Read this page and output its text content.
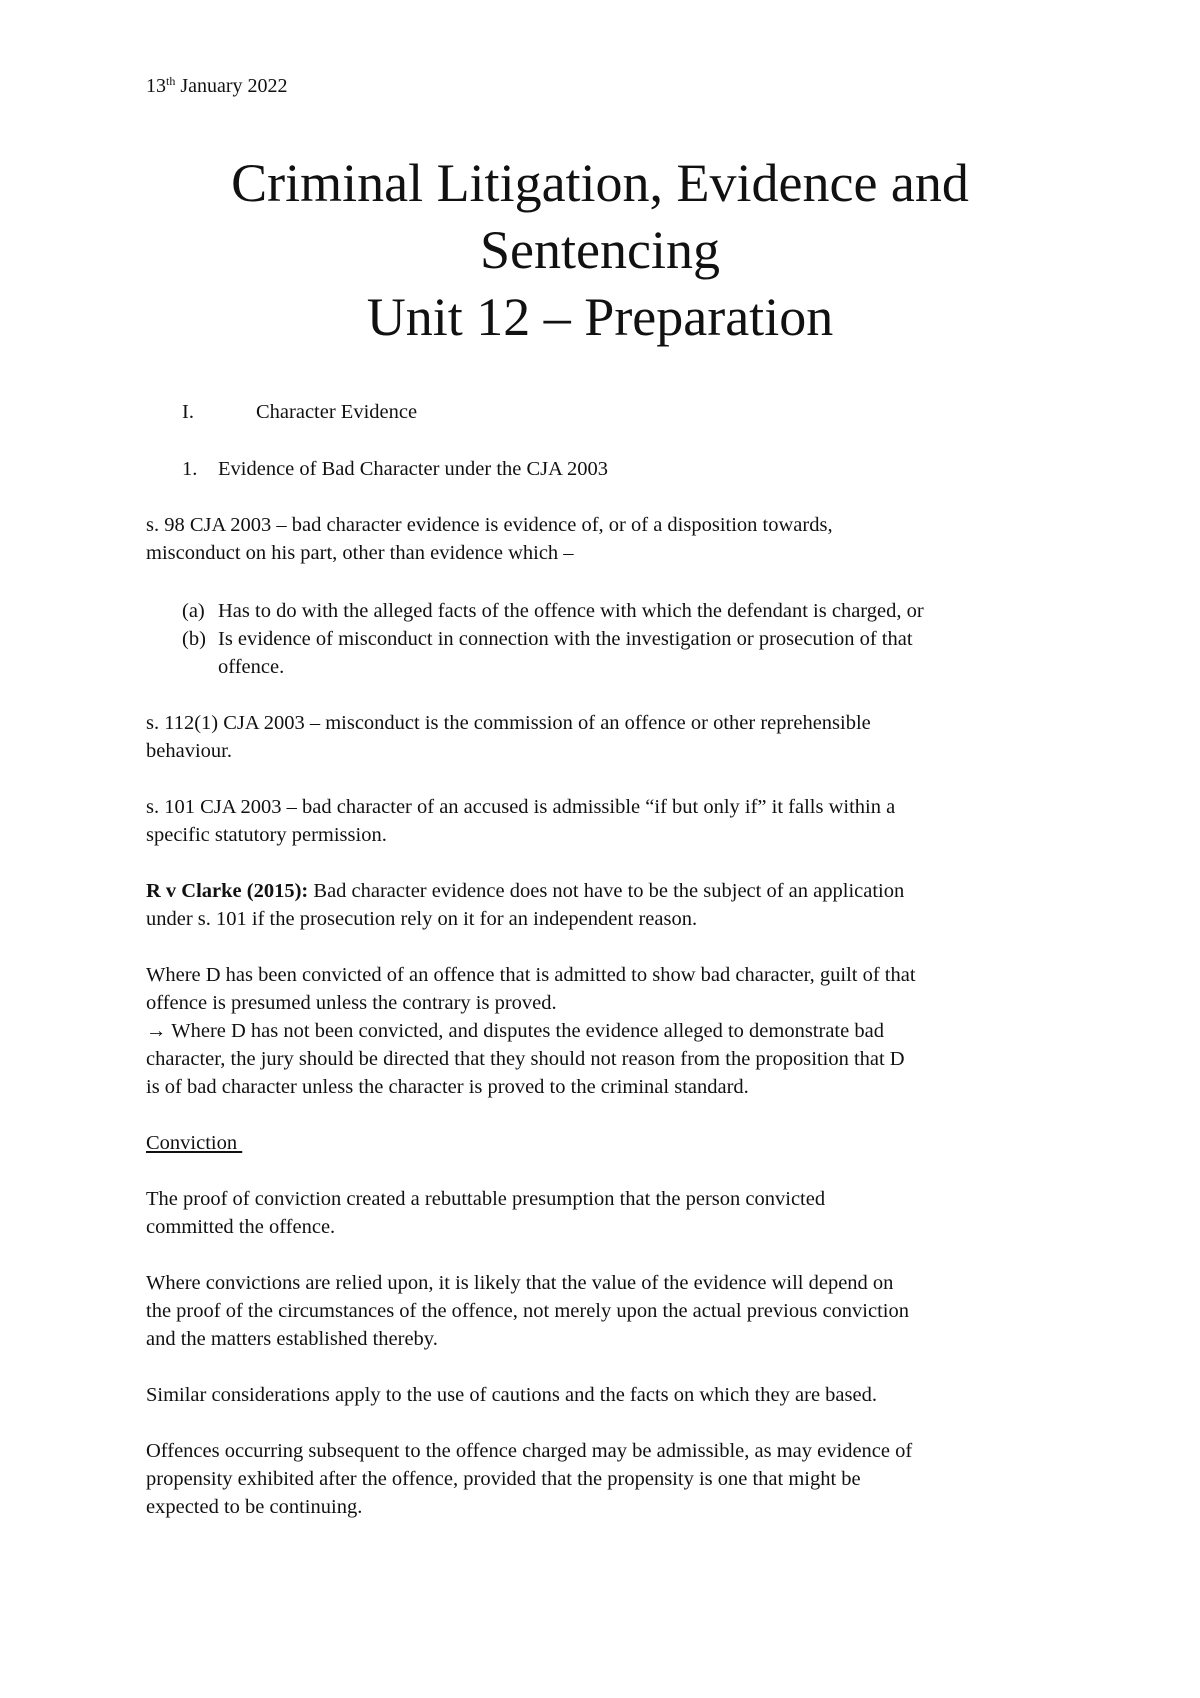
13th January 2022
Criminal Litigation, Evidence and
Sentencing
Unit 12 – Preparation
I.	Character Evidence
1. Evidence of Bad Character under the CJA 2003

s. 98 CJA 2003 – bad character evidence is evidence of, or of a disposition towards,

misconduct on his part, other than evidence which –

(a) Has to do with the alleged facts of the offence with which the defendant is charged, or
(b) Is evidence of misconduct in connection with the investigation or prosecution of that
offence.

s. 112(1) CJA 2003 – misconduct is the commission of an offence or other reprehensible

behaviour.

s. 101 CJA 2003 – bad character of an accused is admissible “if but only if” it falls within a

specific statutory permission.

R v Clarke (2015): Bad character evidence does not have to be the subject of an application

under s. 101 if the prosecution rely on it for an independent reason.

Where D has been convicted of an offence that is admitted to show bad character, guilt of that

offence is presumed unless the contrary is proved.

→ Where D has not been convicted, and disputes the evidence alleged to demonstrate bad

character, the jury should be directed that they should not reason from the proposition that D

is of bad character unless the character is proved to the criminal standard.

Conviction

The proof of conviction created a rebuttable presumption that the person convicted

committed the offence.

Where convictions are relied upon, it is likely that the value of the evidence will depend on

the proof of the circumstances of the offence, not merely upon the actual previous conviction

and the matters established thereby.

Similar considerations apply to the use of cautions and the facts on which they are based.

Offences occurring subsequent to the offence charged may be admissible, as may evidence of

propensity exhibited after the offence, provided that the propensity is one that might be

expected to be continuing.
